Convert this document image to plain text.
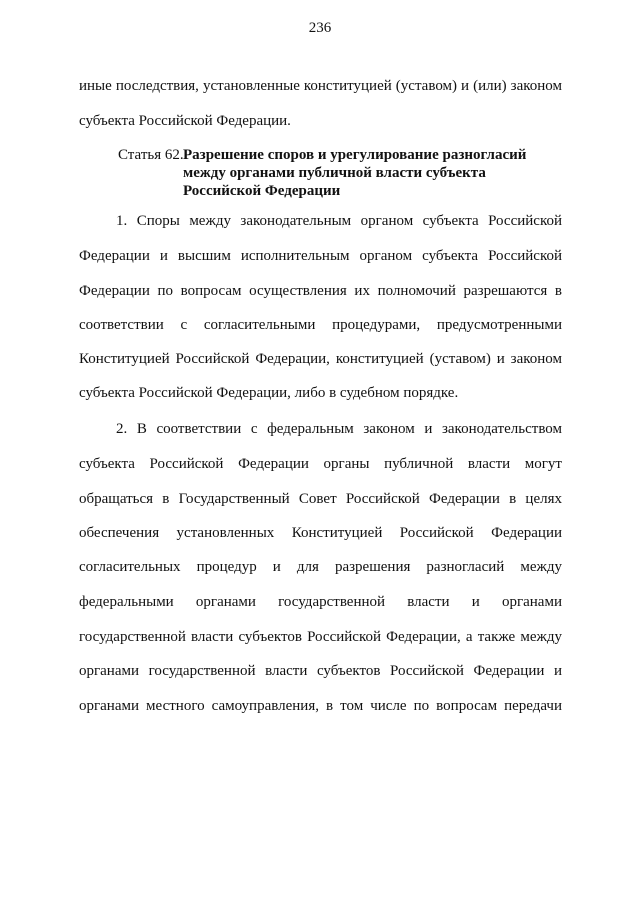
236
иные последствия, установленные конституцией (уставом) и (или) законом
субъекта Российской Федерации.
Статья 62. Разрешение споров и урегулирование разногласий
между органами публичной власти субъекта
Российской Федерации
1. Споры между законодательным органом субъекта Российской
Федерации и высшим исполнительным органом субъекта Российской
Федерации по вопросам осуществления их полномочий разрешаются в
соответствии с согласительными процедурами, предусмотренными
Конституцией Российской Федерации, конституцией (уставом) и законом
субъекта Российской Федерации, либо в судебном порядке.
2. В соответствии с федеральным законом и законодательством
субъекта Российской Федерации органы публичной власти могут
обращаться в Государственный Совет Российской Федерации в целях
обеспечения установленных Конституцией Российской Федерации
согласительных процедур и для разрешения разногласий между
федеральными органами государственной власти и органами
государственной власти субъектов Российской Федерации, а также между
органами государственной власти субъектов Российской Федерации и
органами местного самоуправления, в том числе по вопросам передачи
